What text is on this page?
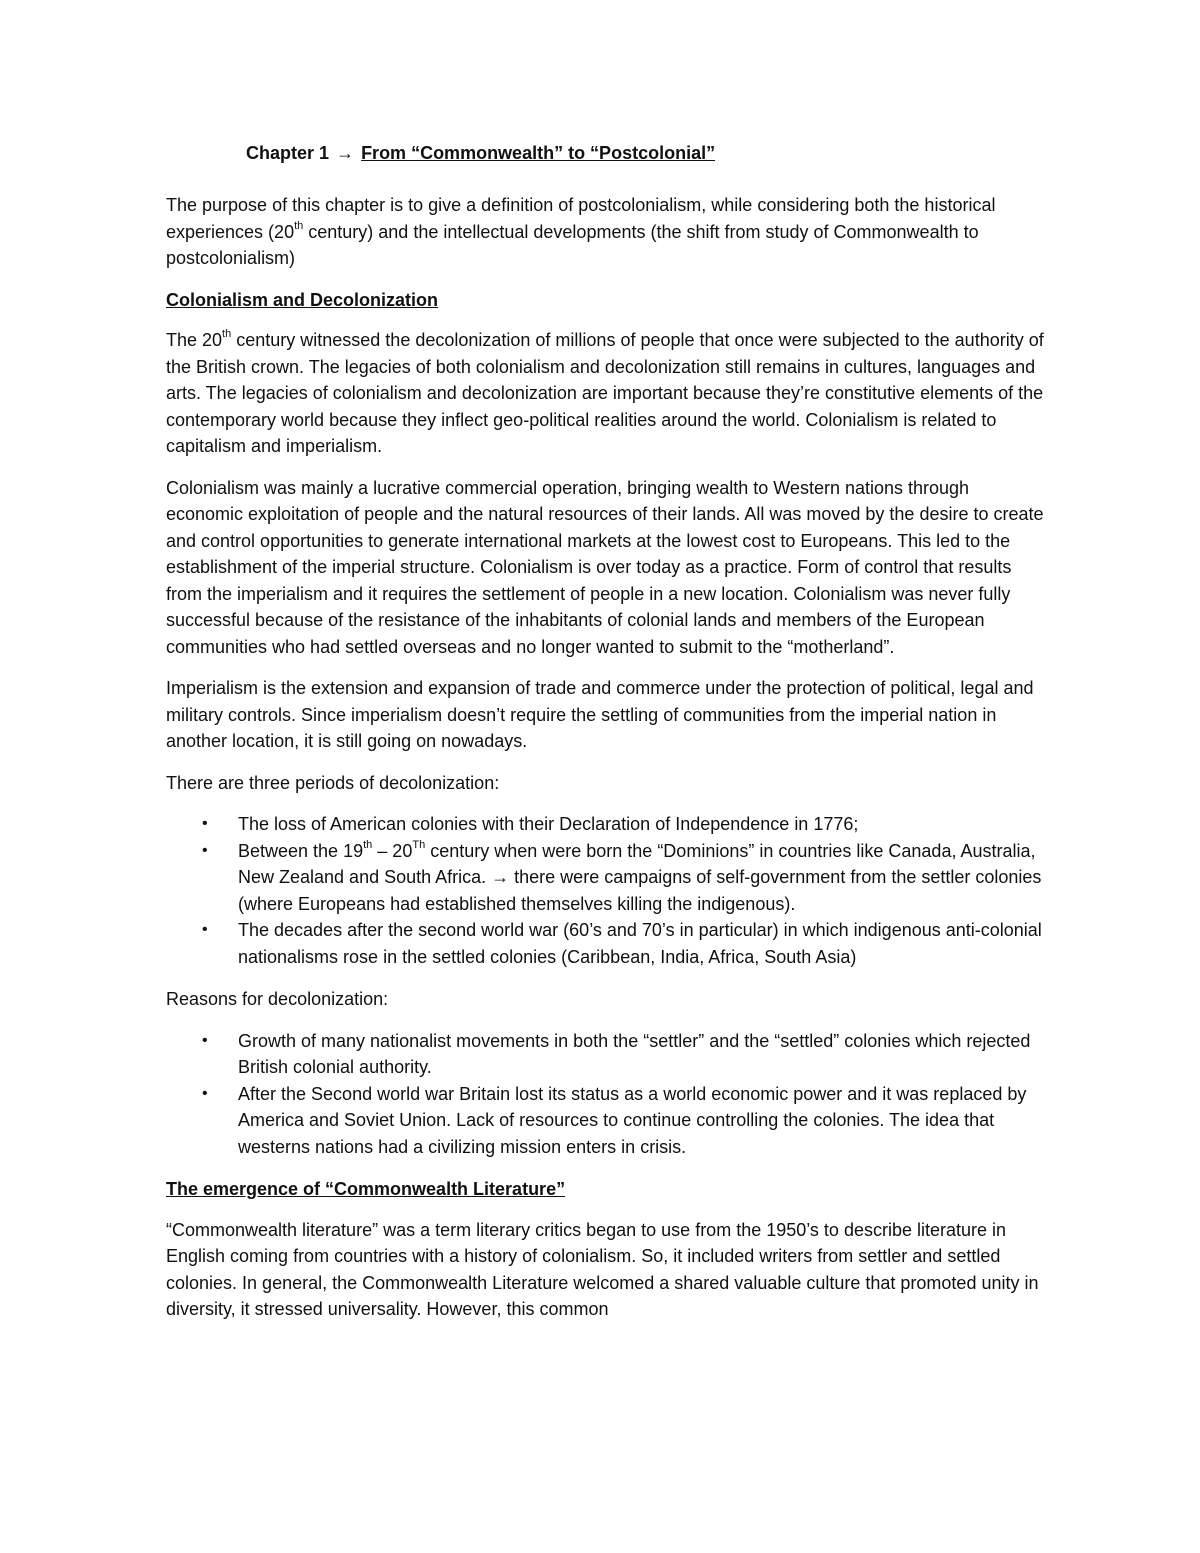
Chapter 1 → From “Commonwealth” to “Postcolonial”

The purpose of this chapter is to give a definition of postcolonialism, while considering both the historical experiences (20th century) and the intellectual developments (the shift from study of Commonwealth to postcolonialism)

Colonialism and Decolonization

The 20th century witnessed the decolonization of millions of people that once were subjected to the authority of the British crown. The legacies of both colonialism and decolonization still remains in cultures, languages and arts. The legacies of colonialism and decolonization are important because they’re constitutive elements of the contemporary world because they inflect geo-political realities around the world. Colonialism is related to capitalism and imperialism.

Colonialism was mainly a lucrative commercial operation, bringing wealth to Western nations through economic exploitation of people and the natural resources of their lands. All was moved by the desire to create and control opportunities to generate international markets at the lowest cost to Europeans. This led to the establishment of the imperial structure. Colonialism is over today as a practice. Form of control that results from the imperialism and it requires the settlement of people in a new location. Colonialism was never fully successful because of the resistance of the inhabitants of colonial lands and members of the European communities who had settled overseas and no longer wanted to submit to the “motherland”.

Imperialism is the extension and expansion of trade and commerce under the protection of political, legal and military controls. Since imperialism doesn’t require the settling of communities from the imperial nation in another location, it is still going on nowadays.

There are three periods of decolonization:

• The loss of American colonies with their Declaration of Independence in 1776;
• Between the 19th – 20Th century when were born the “Dominions” in countries like Canada, Australia, New Zealand and South Africa. → there were campaigns of self-government from the settler colonies (where Europeans had established themselves killing the indigenous).
• The decades after the second world war (60’s and 70’s in particular) in which indigenous anti-colonial nationalisms rose in the settled colonies (Caribbean, India, Africa, South Asia)

Reasons for decolonization:

• Growth of many nationalist movements in both the “settler” and the “settled” colonies which rejected British colonial authority.
• After the Second world war Britain lost its status as a world economic power and it was replaced by America and Soviet Union. Lack of resources to continue controlling the colonies. The idea that westerns nations had a civilizing mission enters in crisis.

The emergence of “Commonwealth Literature”

“Commonwealth literature” was a term literary critics began to use from the 1950’s to describe literature in English coming from countries with a history of colonialism. So, it included writers from settler and settled colonies. In general, the Commonwealth Literature welcomed a shared valuable culture that promoted unity in diversity, it stressed universality. However, this common
